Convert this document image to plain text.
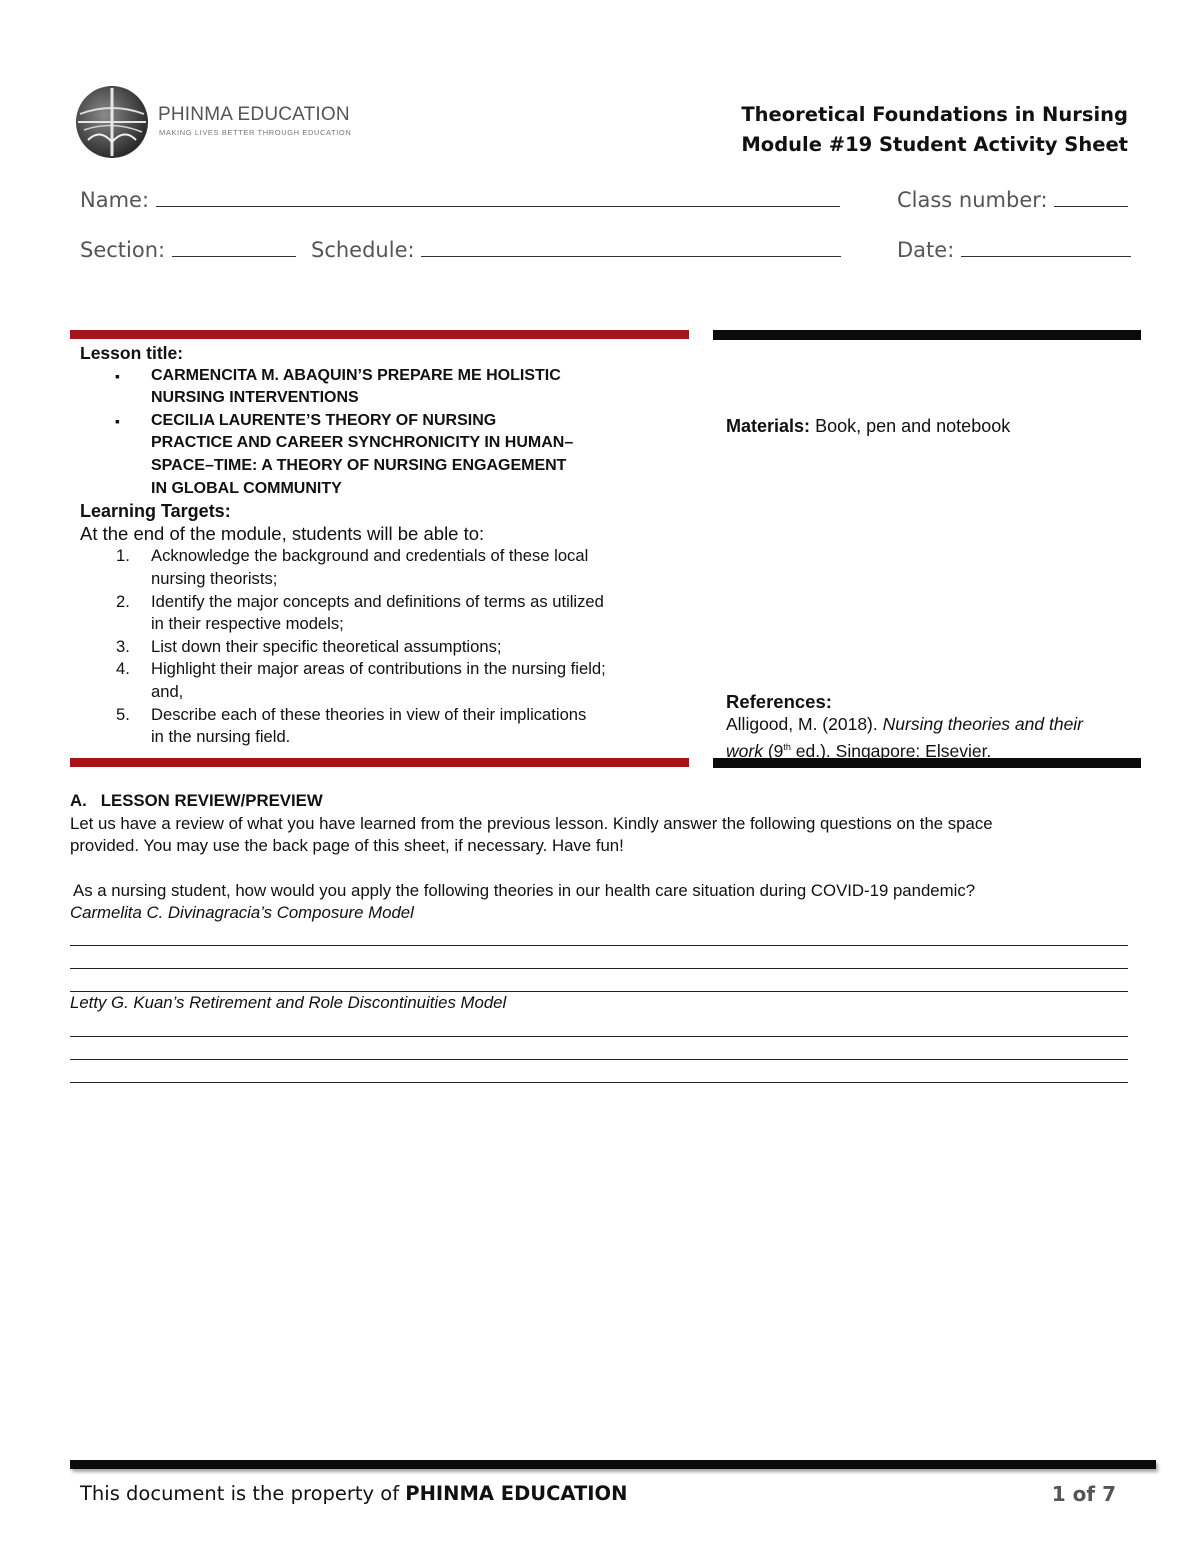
PHINMA EDUCATION
MAKING LIVES BETTER THROUGH EDUCATION
Theoretical Foundations in Nursing
Module #19 Student Activity Sheet
Name:	Class number:
Section:	Schedule:	Date:
Lesson title:
▪ CARMENCITA M. ABAQUIN’S PREPARE ME HOLISTIC
NURSING INTERVENTIONS
▪ CECILIA LAURENTE’S THEORY OF NURSING
PRACTICE AND CAREER SYNCHRONICITY IN HUMAN–
SPACE–TIME: A THEORY OF NURSING ENGAGEMENT
IN GLOBAL COMMUNITY
Learning Targets:
At the end of the module, students will be able to:
1. Acknowledge the background and credentials of these local
nursing theorists;
2. Identify the major concepts and definitions of terms as utilized
in their respective models;
3. List down their specific theoretical assumptions;
4. Highlight their major areas of contributions in the nursing field;
and,
5. Describe each of these theories in view of their implications
in the nursing field.
Materials: Book, pen and notebook
References:
Alligood, M. (2018). Nursing theories and their
work (9th ed.). Singapore: Elsevier.
A. LESSON REVIEW/PREVIEW
Let us have a review of what you have learned from the previous lesson. Kindly answer the following questions on the space
provided. You may use the back page of this sheet, if necessary. Have fun!
As a nursing student, how would you apply the following theories in our health care situation during COVID-19 pandemic?
Carmelita C. Divinagracia’s Composure Model
Letty G. Kuan’s Retirement and Role Discontinuities Model
This document is the property of PHINMA EDUCATION	1 of 7
